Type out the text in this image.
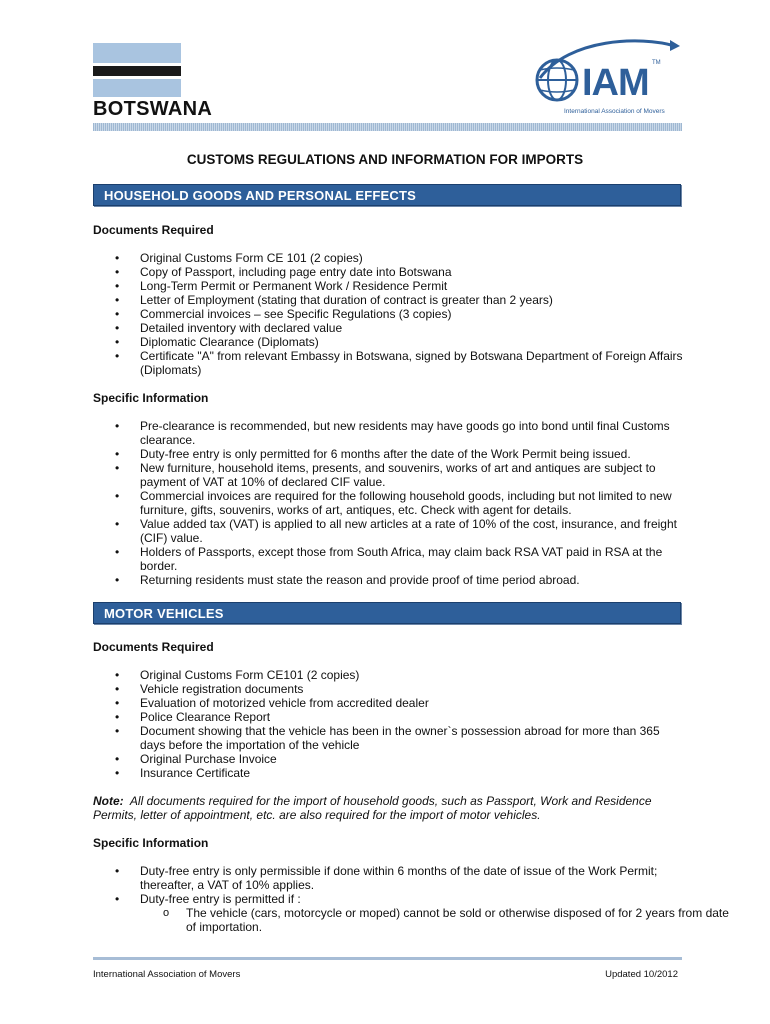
BOTSWANA
IAM TM
International Association of Movers
CUSTOMS REGULATIONS AND INFORMATION FOR IMPORTS
HOUSEHOLD GOODS AND PERSONAL EFFECTS
Documents Required
• Original Customs Form CE 101 (2 copies)
• Copy of Passport, including page entry date into Botswana
• Long-Term Permit or Permanent Work / Residence Permit
• Letter of Employment (stating that duration of contract is greater than 2 years)
• Commercial invoices – see Specific Regulations (3 copies)
• Detailed inventory with declared value
• Diplomatic Clearance (Diplomats)
• Certificate "A" from relevant Embassy in Botswana, signed by Botswana Department of Foreign Affairs (Diplomats)
Specific Information
• Pre-clearance is recommended, but new residents may have goods go into bond until final Customs clearance.
• Duty-free entry is only permitted for 6 months after the date of the Work Permit being issued.
• New furniture, household items, presents, and souvenirs, works of art and antiques are subject to payment of VAT at 10% of declared CIF value.
• Commercial invoices are required for the following household goods, including but not limited to new furniture, gifts, souvenirs, works of art, antiques, etc. Check with agent for details.
• Value added tax (VAT) is applied to all new articles at a rate of 10% of the cost, insurance, and freight (CIF) value.
• Holders of Passports, except those from South Africa, may claim back RSA VAT paid in RSA at the border.
• Returning residents must state the reason and provide proof of time period abroad.
MOTOR VEHICLES
Documents Required
• Original Customs Form CE101 (2 copies)
• Vehicle registration documents
• Evaluation of motorized vehicle from accredited dealer
• Police Clearance Report
• Document showing that the vehicle has been in the owner`s possession abroad for more than 365 days before the importation of the vehicle
• Original Purchase Invoice
• Insurance Certificate
Note: All documents required for the import of household goods, such as Passport, Work and Residence Permits, letter of appointment, etc. are also required for the import of motor vehicles.
Specific Information
• Duty-free entry is only permissible if done within 6 months of the date of issue of the Work Permit; thereafter, a VAT of 10% applies.
• Duty-free entry is permitted if :
o The vehicle (cars, motorcycle or moped) cannot be sold or otherwise disposed of for 2 years from date of importation.
International Association of Movers	Updated 10/2012
